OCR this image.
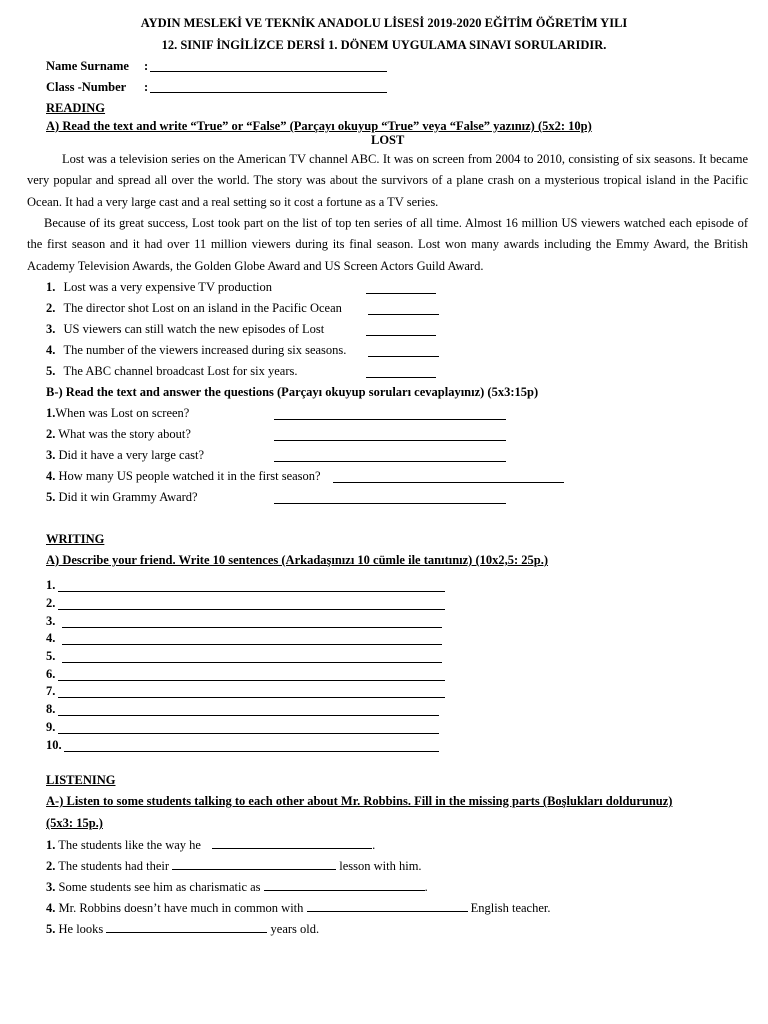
AYDIN MESLEKİ VE TEKNİK ANADOLU LİSESİ 2019-2020 EĞİTİM ÖĞRETİM YILI
12. SINIF İNGİLİZCE DERSİ 1. DÖNEM UYGULAMA SINAVI SORULARIDIR.
Name Surname :
Class -Number :
READING
A) Read the text and write “True” or “False” (Parçayı okuyup “True” veya “False” yazınız) (5x2: 10p)
LOST
Lost was a television series on the American TV channel ABC. It was on screen from 2004 to 2010, consisting of six seasons. It became very popular and spread all over the world. The story was about the survivors of a plane crash on a mysterious tropical island in the Pacific Ocean. It had a very large cast and a real setting so it cost a fortune as a TV series.
Because of its great success, Lost took part on the list of top ten series of all time. Almost 16 million US viewers watched each episode of the first season and it had over 11 million viewers during its final season. Lost won many awards including the Emmy Award, the British Academy Television Awards, the Golden Globe Award and US Screen Actors Guild Award.
1. Lost was a very expensive TV production
2. The director shot Lost on an island in the Pacific Ocean
3. US viewers can still watch the new episodes of Lost
4. The number of the viewers increased during six seasons.
5. The ABC channel broadcast Lost for six years.
B-) Read the text and answer the questions (Parçayı okuyup soruları cevaplayınız) (5x3:15p)
1.When was Lost on screen?
2. What was the story about?
3. Did it have a very large cast?
4. How many US people watched it in the first season?
5. Did it win Grammy Award?
WRITING
A) Describe your friend. Write 10 sentences (Arkadaşınızı 10 cümle ile tanıtınız) (10x2,5: 25p.)
1.
2.
3.
4.
5.
6.
7.
8.
9.
10.
LISTENING
A-) Listen to some students talking to each other about Mr. Robbins. Fill in the missing parts (Boşlukları doldurunuz)
(5x3: 15p.)
1. The students like the way he	.
2. The students had their	lesson with him.
3. Some students see him as charismatic as	.
4. Mr. Robbins doesn’t have much in common with	English teacher.
5. He looks	years old.
